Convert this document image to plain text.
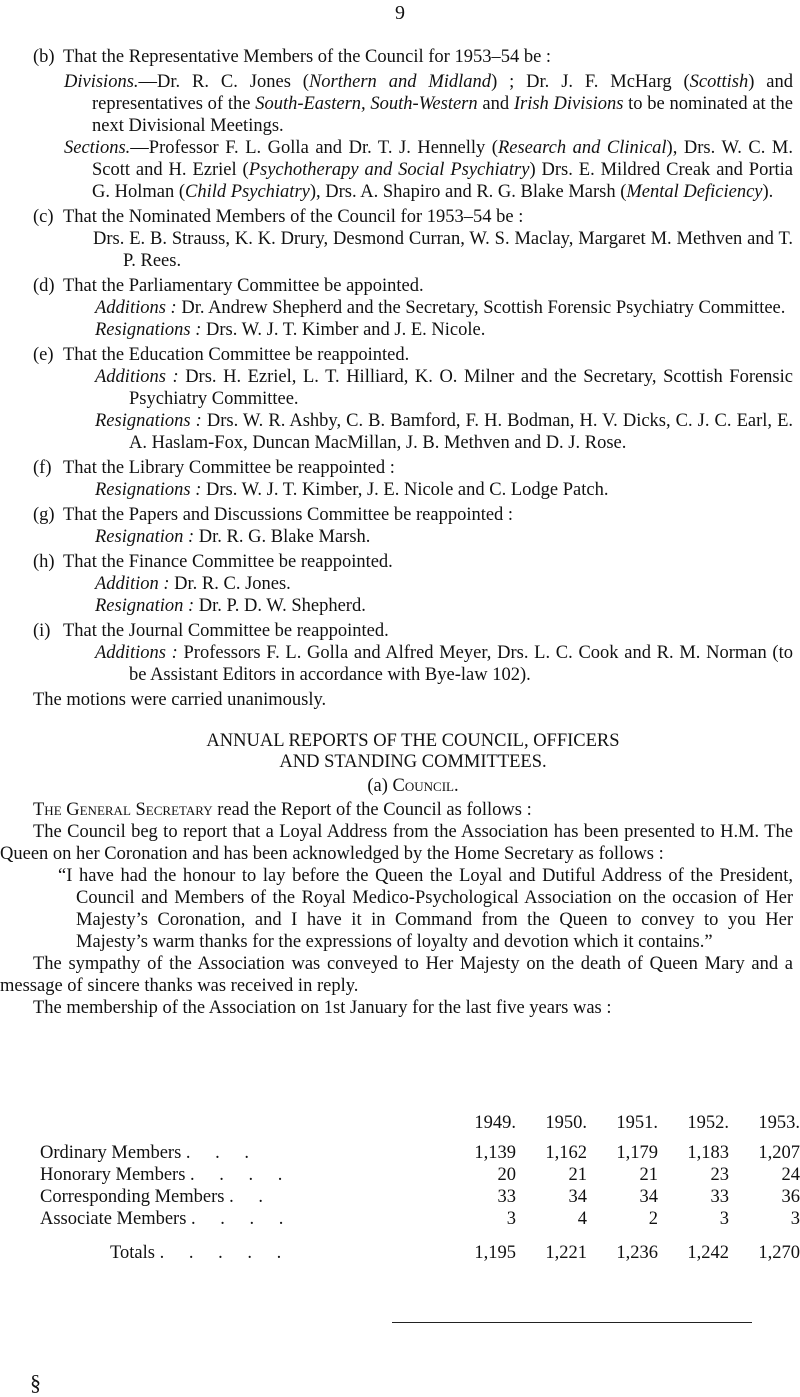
9

(b) That the Representative Members of the Council for 1953–54 be :

Divisions.—Dr. R. C. Jones (Northern and Midland) ; Dr. J. F. McHarg (Scottish) and representatives of the South-Eastern, South-Western and Irish Divisions to be nominated at the next Divisional Meetings.

Sections.—Professor F. L. Golla and Dr. T. J. Hennelly (Research and Clinical), Drs. W. C. M. Scott and H. Ezriel (Psychotherapy and Social Psychiatry) Drs. E. Mildred Creak and Portia G. Holman (Child Psychiatry), Drs. A. Shapiro and R. G. Blake Marsh (Mental Deficiency).

(c) That the Nominated Members of the Council for 1953–54 be :

Drs. E. B. Strauss, K. K. Drury, Desmond Curran, W. S. Maclay, Margaret M. Methven and T. P. Rees.

(d) That the Parliamentary Committee be appointed.

Additions : Dr. Andrew Shepherd and the Secretary, Scottish Forensic Psychiatry Committee.

Resignations : Drs. W. J. T. Kimber and J. E. Nicole.

(e) That the Education Committee be reappointed.

Additions : Drs. H. Ezriel, L. T. Hilliard, K. O. Milner and the Secretary, Scottish Forensic Psychiatry Committee.

Resignations : Drs. W. R. Ashby, C. B. Bamford, F. H. Bodman, H. V. Dicks, C. J. C. Earl, E. A. Haslam-Fox, Duncan MacMillan, J. B. Methven and D. J. Rose.

(f) That the Library Committee be reappointed :

Resignations : Drs. W. J. T. Kimber, J. E. Nicole and C. Lodge Patch.

(g) That the Papers and Discussions Committee be reappointed :

Resignation : Dr. R. G. Blake Marsh.

(h) That the Finance Committee be reappointed.

Addition : Dr. R. C. Jones.

Resignation : Dr. P. D. W. Shepherd.

(i) That the Journal Committee be reappointed.

Additions : Professors F. L. Golla and Alfred Meyer, Drs. L. C. Cook and R. M. Norman (to be Assistant Editors in accordance with Bye-law 102).

The motions were carried unanimously.

ANNUAL REPORTS OF THE COUNCIL, OFFICERS
AND STANDING COMMITTEES.

(a) Council.

The General Secretary read the Report of the Council as follows :

The Council beg to report that a Loyal Address from the Association has been presented to H.M. The Queen on her Coronation and has been acknowledged by the Home Secretary as follows :

“I have had the honour to lay before the Queen the Loyal and Dutiful Address of the President, Council and Members of the Royal Medico-Psychological Association on the occasion of Her Majesty’s Coronation, and I have it in Command from the Queen to convey to you Her Majesty’s warm thanks for the expressions of loyalty and devotion which it contains.”

The sympathy of the Association was conveyed to Her Majesty on the death of Queen Mary and a message of sincere thanks was received in reply.

The membership of the Association on 1st January for the last five years was :

	1949.	1950.	1951.	1952.	1953.

Ordinary Members . . .	1,139	1,162	1,179	1,183	1,207
Honorary Members . . . .	20	21	21	23	24
Corresponding Members . .	33	34	34	33	36
Associate Members . . . .	3	4	2	3	3
Totals . . . . .	1,195	1,221	1,236	1,242	1,270
§
